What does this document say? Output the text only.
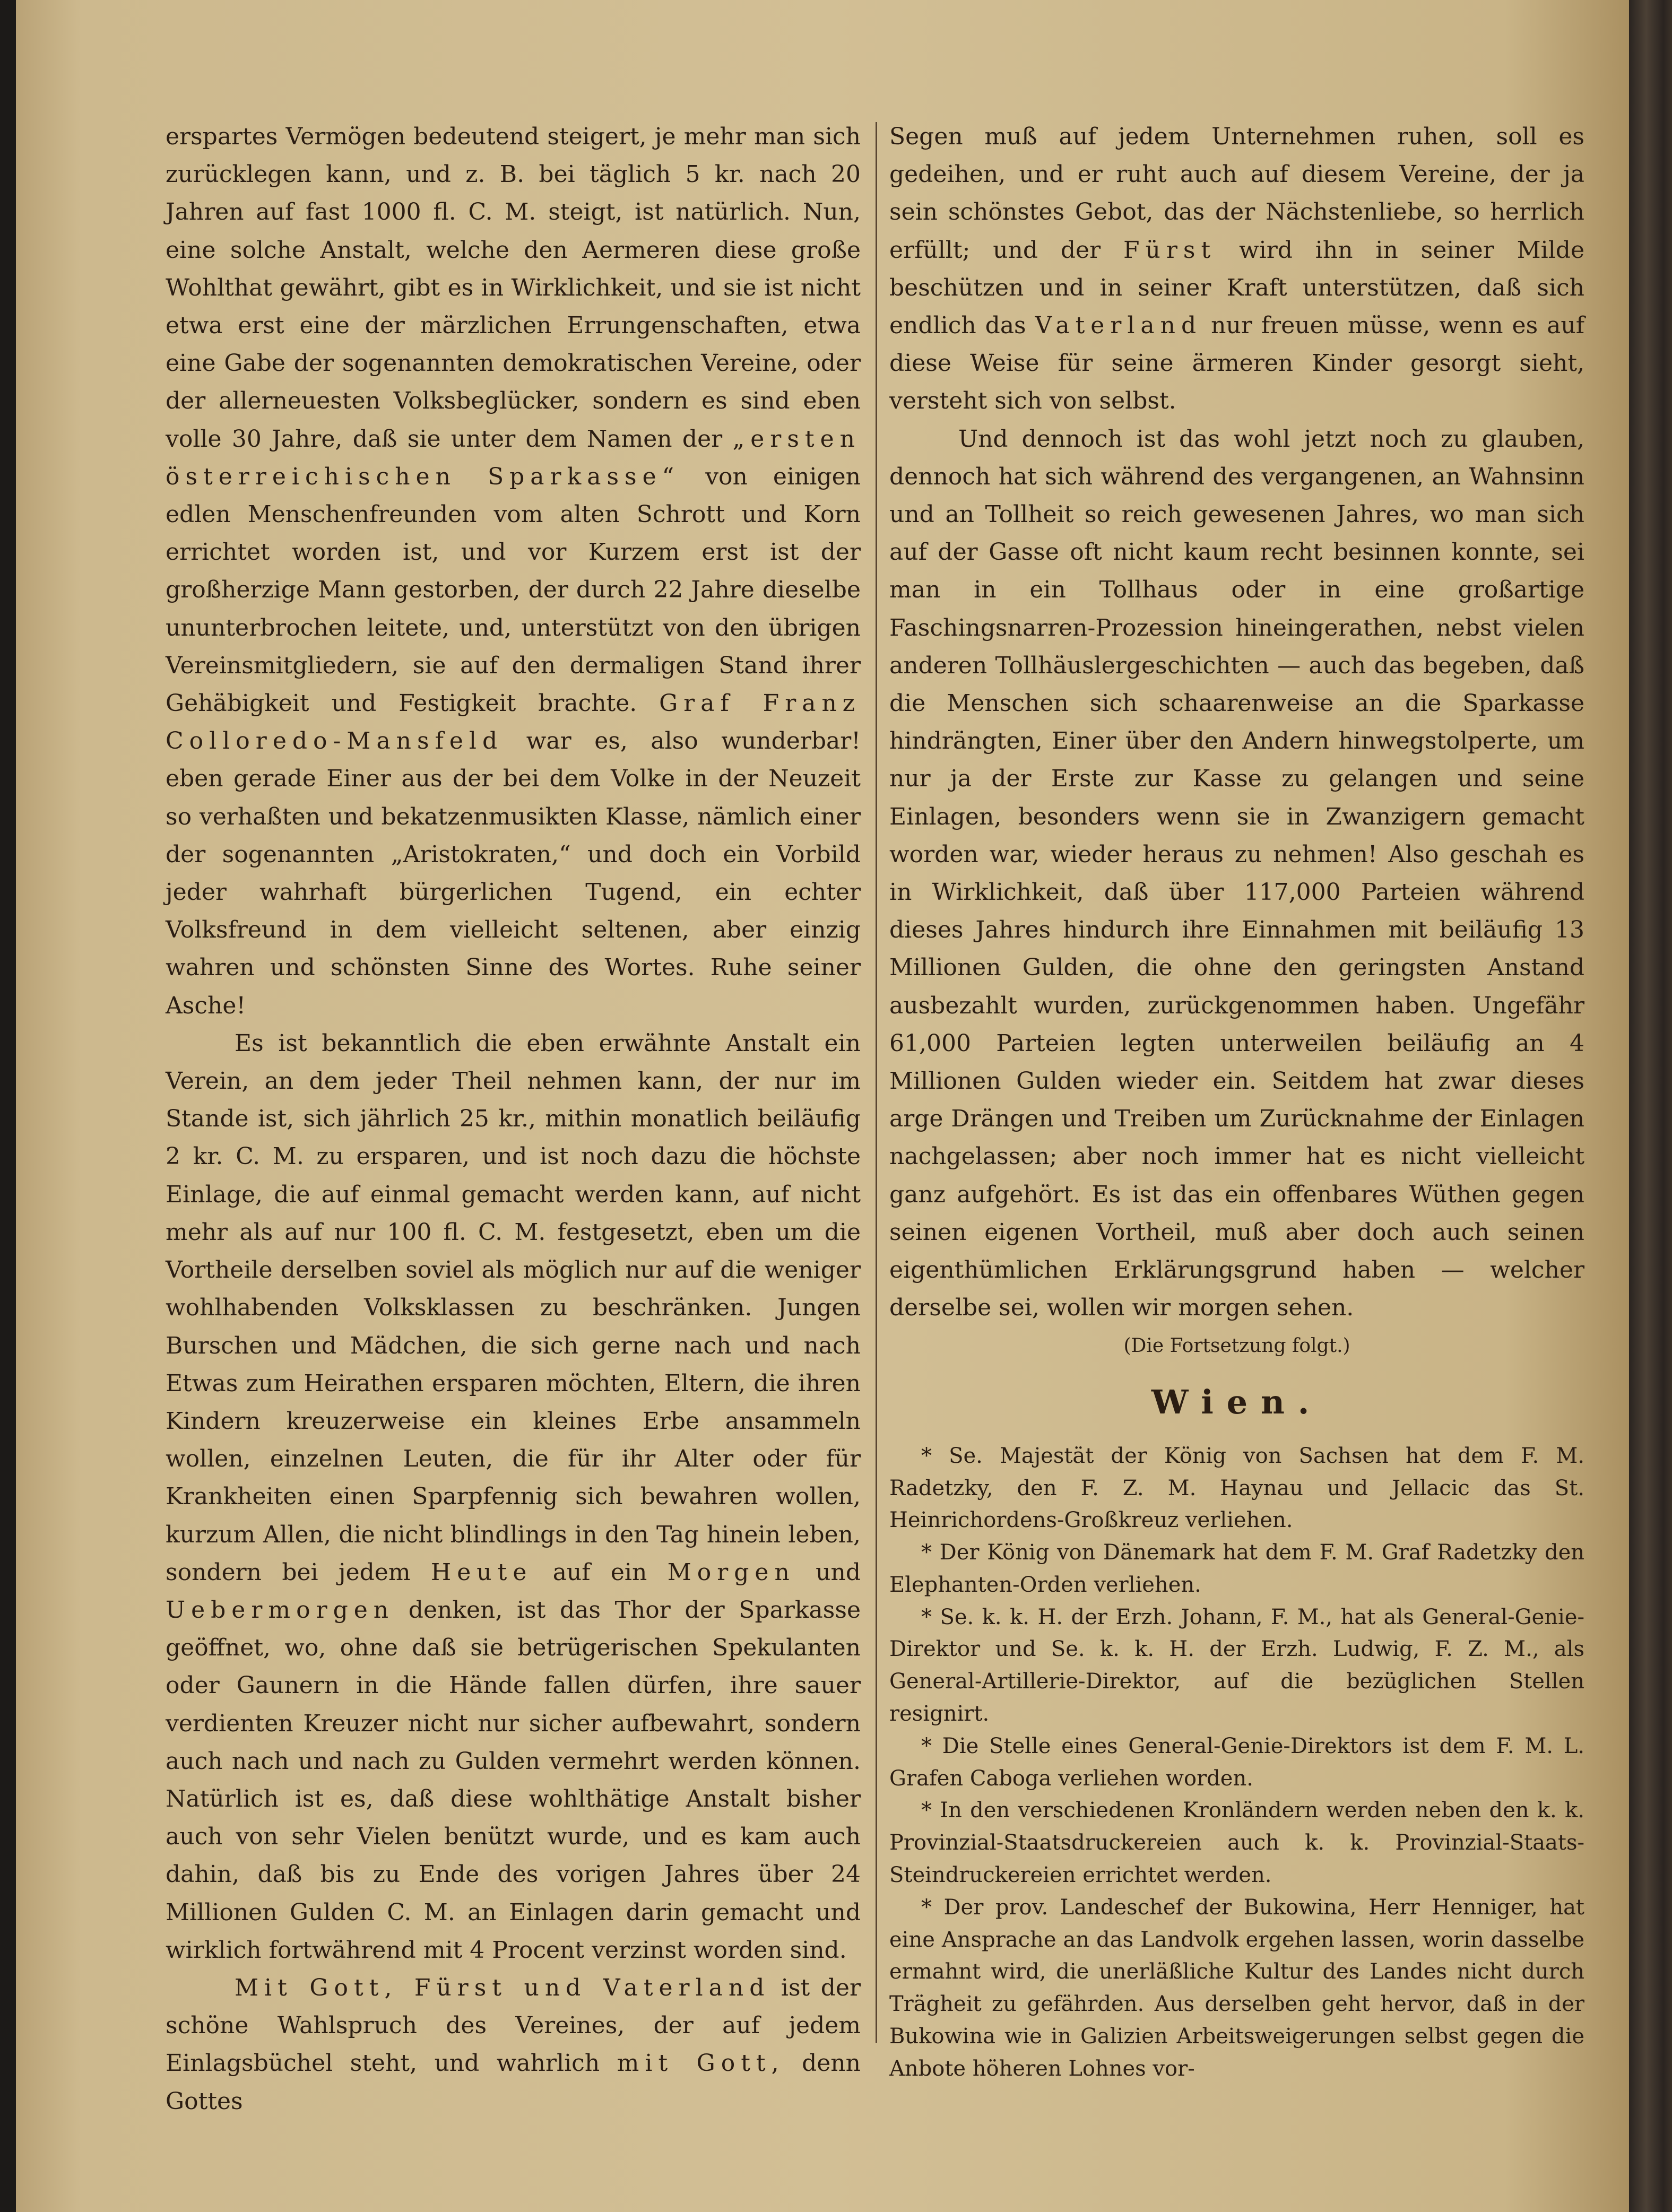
erspartes Vermögen bedeutend steigert, je mehr man sich zurücklegen kann, und z. B. bei täglich 5 kr. nach 20 Jahren auf fast 1000 fl. C. M. steigt, ist natürlich. Nun, eine solche Anstalt, welche den Aermeren diese große Wohlthat gewährt, gibt es in Wirklichkeit, und sie ist nicht etwa erst eine der märzlichen Errungenschaften, etwa eine Gabe der sogenannten demokratischen Vereine, oder der allerneuesten Volksbeglücker, sondern es sind eben volle 30 Jahre, daß sie unter dem Namen der „ersten österreichischen Sparkasse“ von einigen edlen Menschenfreunden vom alten Schrott und Korn errichtet worden ist, und vor Kurzem erst ist der großherzige Mann gestorben, der durch 22 Jahre dieselbe ununterbrochen leitete, und, unterstützt von den übrigen Vereinsmitgliedern, sie auf den dermaligen Stand ihrer Gehäbigkeit und Festigkeit brachte. Graf Franz Colloredo-Mansfeld war es, also wunderbar! eben gerade Einer aus der bei dem Volke in der Neuzeit so verhaßten und bekatzenmusikten Klasse, nämlich einer der sogenannten „Aristokraten,“ und doch ein Vorbild jeder wahrhaft bürgerlichen Tugend, ein echter Volksfreund in dem vielleicht seltenen, aber einzig wahren und schönsten Sinne des Wortes. Ruhe seiner Asche!

Es ist bekanntlich die eben erwähnte Anstalt ein Verein, an dem jeder Theil nehmen kann, der nur im Stande ist, sich jährlich 25 kr., mithin monatlich beiläufig 2 kr. C. M. zu ersparen, und ist noch dazu die höchste Einlage, die auf einmal gemacht werden kann, auf nicht mehr als auf nur 100 fl. C. M. festgesetzt, eben um die Vortheile derselben soviel als möglich nur auf die weniger wohlhabenden Volksklassen zu beschränken. Jungen Burschen und Mädchen, die sich gerne nach und nach Etwas zum Heirathen ersparen möchten, Eltern, die ihren Kindern kreuzerweise ein kleines Erbe ansammeln wollen, einzelnen Leuten, die für ihr Alter oder für Krankheiten einen Sparpfennig sich bewahren wollen, kurzum Allen, die nicht blindlings in den Tag hinein leben, sondern bei jedem Heute auf ein Morgen und Uebermorgen denken, ist das Thor der Sparkasse geöffnet, wo, ohne daß sie betrügerischen Spekulanten oder Gaunern in die Hände fallen dürfen, ihre sauer verdienten Kreuzer nicht nur sicher aufbewahrt, sondern auch nach und nach zu Gulden vermehrt werden können. Natürlich ist es, daß diese wohlthätige Anstalt bisher auch von sehr Vielen benützt wurde, und es kam auch dahin, daß bis zu Ende des vorigen Jahres über 24 Millionen Gulden C. M. an Einlagen darin gemacht und wirklich fortwährend mit 4 Procent verzinst worden sind.

Mit Gott, Fürst und Vaterland ist der schöne Wahlspruch des Vereines, der auf jedem Einlagsbüchel steht, und wahrlich mit Gott, denn Gottes

Segen muß auf jedem Unternehmen ruhen, soll es gedeihen, und er ruht auch auf diesem Vereine, der ja sein schönstes Gebot, das der Nächstenliebe, so herrlich erfüllt; und der Fürst wird ihn in seiner Milde beschützen und in seiner Kraft unterstützen, daß sich endlich das Vaterland nur freuen müsse, wenn es auf diese Weise für seine ärmeren Kinder gesorgt sieht, versteht sich von selbst.

Und dennoch ist das wohl jetzt noch zu glauben, dennoch hat sich während des vergangenen, an Wahnsinn und an Tollheit so reich gewesenen Jahres, wo man sich auf der Gasse oft nicht kaum recht besinnen konnte, sei man in ein Tollhaus oder in eine großartige Faschingsnarren-Prozession hineingerathen, nebst vielen anderen Tollhäuslergeschichten — auch das begeben, daß die Menschen sich schaarenweise an die Sparkasse hindrängten, Einer über den Andern hinwegstolperte, um nur ja der Erste zur Kasse zu gelangen und seine Einlagen, besonders wenn sie in Zwanzigern gemacht worden war, wieder heraus zu nehmen! Also geschah es in Wirklichkeit, daß über 117,000 Parteien während dieses Jahres hindurch ihre Einnahmen mit beiläufig 13 Millionen Gulden, die ohne den geringsten Anstand ausbezahlt wurden, zurückgenommen haben. Ungefähr 61,000 Parteien legten unterweilen beiläufig an 4 Millionen Gulden wieder ein. Seitdem hat zwar dieses arge Drängen und Treiben um Zurücknahme der Einlagen nachgelassen; aber noch immer hat es nicht vielleicht ganz aufgehört. Es ist das ein offenbares Wüthen gegen seinen eigenen Vortheil, muß aber doch auch seinen eigenthümlichen Erklärungsgrund haben — welcher derselbe sei, wollen wir morgen sehen.

(Die Fortsetzung folgt.)

Wien.

* Se. Majestät der König von Sachsen hat dem F. M. Radetzky, den F. Z. M. Haynau und Jellacic das St. Heinrichordens-Großkreuz verliehen.

* Der König von Dänemark hat dem F. M. Graf Radetzky den Elephanten-Orden verliehen.

* Se. k. k. H. der Erzh. Johann, F. M., hat als General-Genie-Direktor und Se. k. k. H. der Erzh. Ludwig, F. Z. M., als General-Artillerie-Direktor, auf die bezüglichen Stellen resignirt.

* Die Stelle eines General-Genie-Direktors ist dem F. M. L. Grafen Caboga verliehen worden.

* In den verschiedenen Kronländern werden neben den k. k. Provinzial-Staatsdruckereien auch k. k. Provinzial-Staats-Steindruckereien errichtet werden.

* Der prov. Landeschef der Bukowina, Herr Henniger, hat eine Ansprache an das Landvolk ergehen lassen, worin dasselbe ermahnt wird, die unerläßliche Kultur des Landes nicht durch Trägheit zu gefährden. Aus derselben geht hervor, daß in der Bukowina wie in Galizien Arbeitsweigerungen selbst gegen die Anbote höheren Lohnes vor-
